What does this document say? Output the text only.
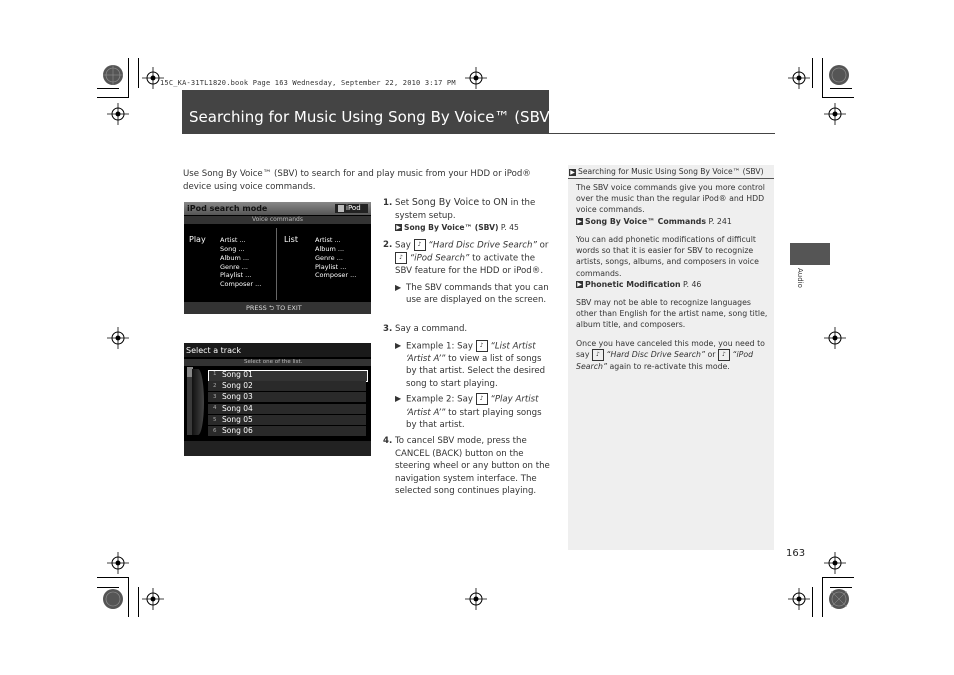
15C_KA-31TL1820.book Page 163 Wednesday, September 22, 2010 3:17 PM
Searching for Music Using Song By Voice™ (SBV)
Use Song By Voice™ (SBV) to search for and play music from your HDD or iPod® device using voice commands.
iPod search mode	iPod
Voice commands
Play	List
Artist ...
Song ...
Album ...
Genre ...
Playlist ...
Composer ...
Artist ...
Album ...
Genre ...
Playlist ...
Composer ...
PRESS ⮌ TO EXIT
Select a track
Select one of the list.
1 Song 01
2 Song 02
3 Song 03
4 Song 04
5 Song 05
6 Song 06
1. Set Song By Voice to ON in the system setup.
▶ Song By Voice™ (SBV) P. 45
2. Say ♪ “Hard Disc Drive Search” or ♪ “iPod Search” to activate the SBV feature for the HDD or iPod®.
▶ The SBV commands that you can use are displayed on the screen.
3. Say a command.
▶ Example 1: Say ♪ “List Artist ‘Artist A’” to view a list of songs by that artist. Select the desired song to start playing.
▶ Example 2: Say ♪ “Play Artist ‘Artist A’” to start playing songs by that artist.
4. To cancel SBV mode, press the CANCEL (BACK) button on the steering wheel or any button on the navigation system interface. The selected song continues playing.
▶ Searching for Music Using Song By Voice™ (SBV)
The SBV voice commands give you more control over the music than the regular iPod® and HDD voice commands.
▶ Song By Voice™ Commands P. 241
You can add phonetic modifications of difficult words so that it is easier for SBV to recognize artists, songs, albums, and composers in voice commands.
▶ Phonetic Modification P. 46
SBV may not be able to recognize languages other than English for the artist name, song title, album title, and composers.
Once you have canceled this mode, you need to say ♪ “Hard Disc Drive Search” or ♪ “iPod Search” again to re-activate this mode.
Audio
163
